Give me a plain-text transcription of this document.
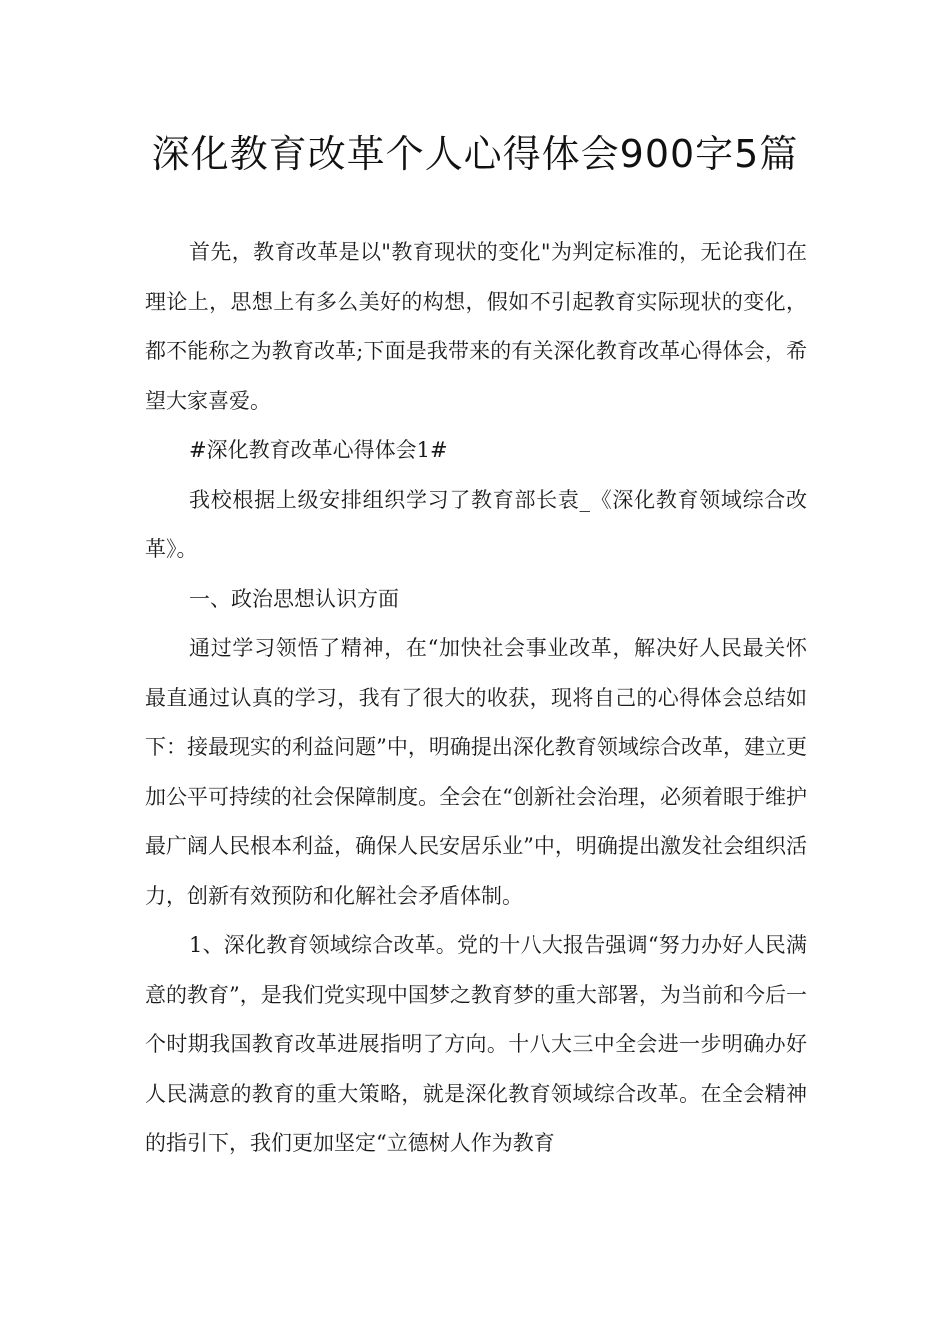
深化教育改革个人心得体会900字5篇

首先，教育改革是以"教育现状的变化"为判定标准的，无论我们在理论上，思想上有多么美好的构想，假如不引起教育实际现状的变化，都不能称之为教育改革;下面是我带来的有关深化教育改革心得体会，希望大家喜爱。

#深化教育改革心得体会1#

我校根据上级安排组织学习了教育部长袁_《深化教育领域综合改革》。

一、政治思想认识方面

通过学习领悟了精神，在“加快社会事业改革，解决好人民最关怀最直通过认真的学习，我有了很大的收获，现将自己的心得体会总结如下：接最现实的利益问题”中，明确提出深化教育领域综合改革，建立更加公平可持续的社会保障制度。全会在“创新社会治理，必须着眼于维护最广阔人民根本利益，确保人民安居乐业”中，明确提出激发社会组织活力，创新有效预防和化解社会矛盾体制。

1、深化教育领域综合改革。党的十八大报告强调“努力办好人民满意的教育”，是我们党实现中国梦之教育梦的重大部署，为当前和今后一个时期我国教育改革进展指明了方向。十八大三中全会进一步明确办好人民满意的教育的重大策略，就是深化教育领域综合改革。在全会精神的指引下，我们更加坚定“立德树人作为教育
